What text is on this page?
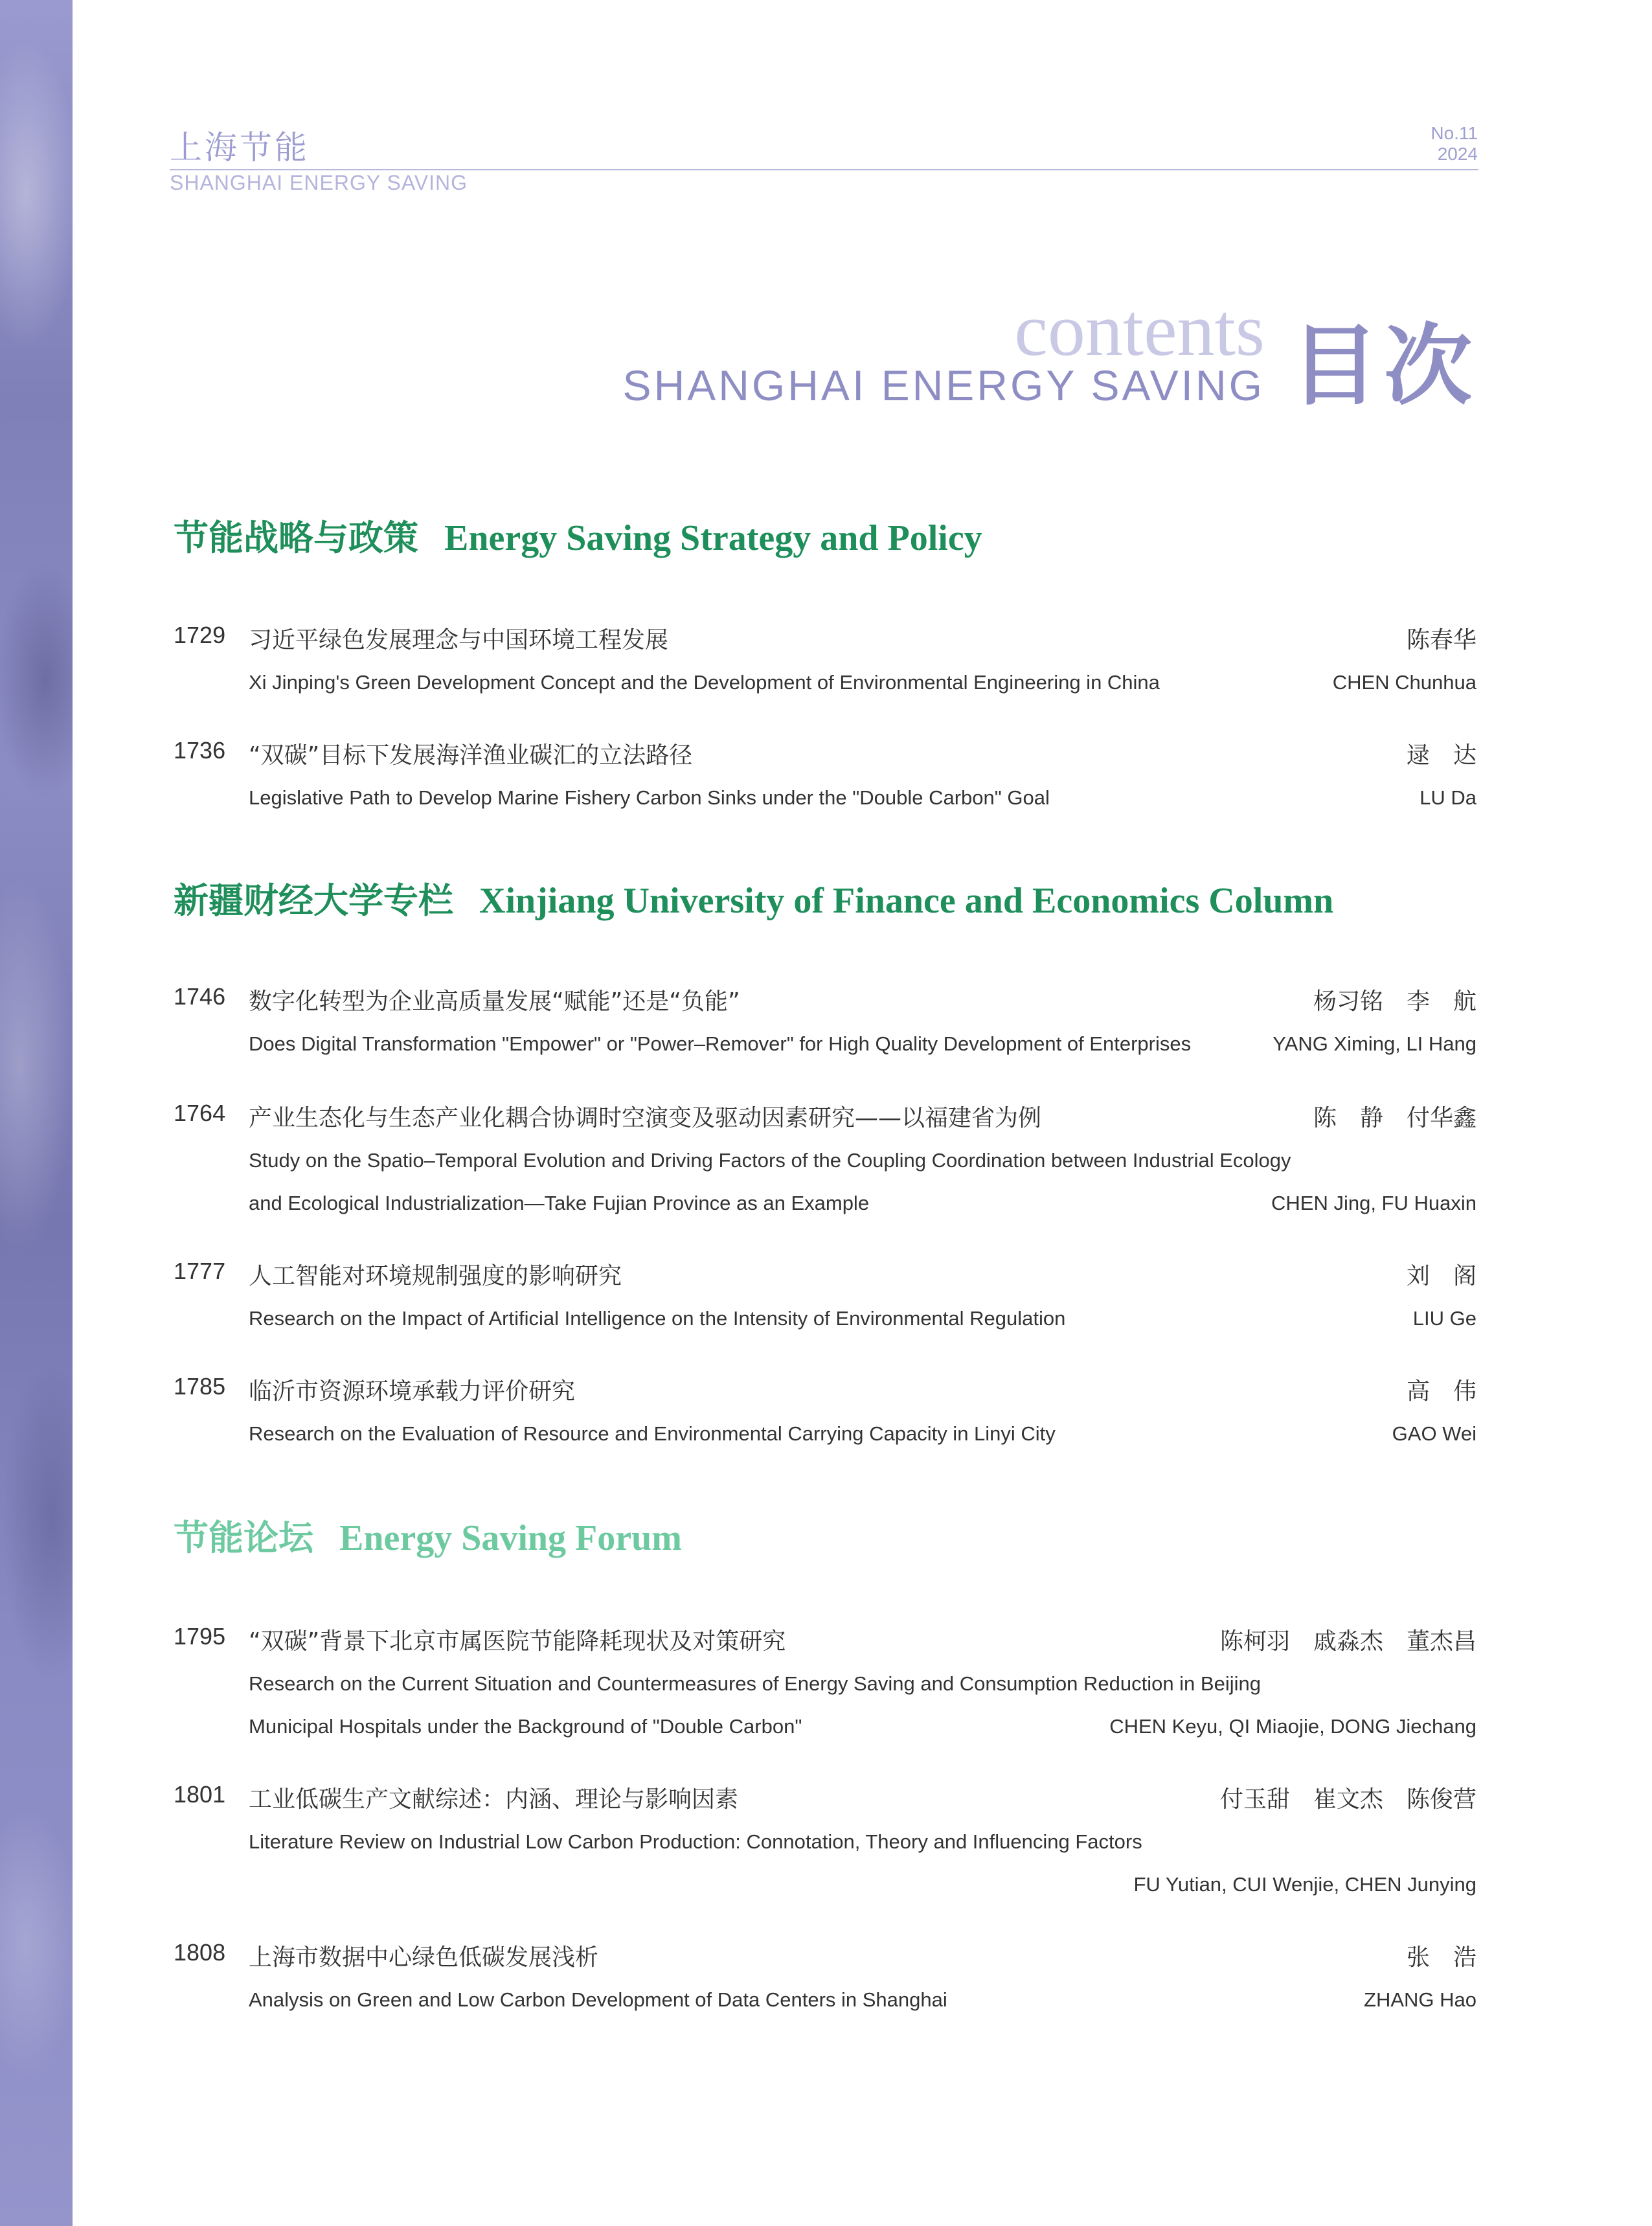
上海节能
SHANGHAI ENERGY SAVING
No.11
2024
contents
SHANGHAI ENERGY SAVING 目次
节能战略与政策 Energy Saving Strategy and Policy
1729 习近平绿色发展理念与中国环境工程发展	陈春华
Xi Jinping's Green Development Concept and the Development of Environmental Engineering in China	CHEN Chunhua
1736 “双碳”目标下发展海洋渔业碳汇的立法路径	逯　达
Legislative Path to Develop Marine Fishery Carbon Sinks under the "Double Carbon" Goal	LU Da
新疆财经大学专栏 Xinjiang University of Finance and Economics Column
1746 数字化转型为企业高质量发展“赋能”还是“负能”	杨习铭　李　航
Does Digital Transformation "Empower" or "Power–Remover" for High Quality Development of Enterprises	YANG Ximing, LI Hang
1764 产业生态化与生态产业化耦合协调时空演变及驱动因素研究——以福建省为例	陈　静　付华鑫
Study on the Spatio–Temporal Evolution and Driving Factors of the Coupling Coordination between Industrial Ecology
and Ecological Industrialization—Take Fujian Province as an Example	CHEN Jing, FU Huaxin
1777 人工智能对环境规制强度的影响研究	刘　阁
Research on the Impact of Artificial Intelligence on the Intensity of Environmental Regulation	LIU Ge
1785 临沂市资源环境承载力评价研究	高　伟
Research on the Evaluation of Resource and Environmental Carrying Capacity in Linyi City	GAO Wei
节能论坛 Energy Saving Forum
1795 “双碳”背景下北京市属医院节能降耗现状及对策研究	陈柯羽　戚淼杰　董杰昌
Research on the Current Situation and Countermeasures of Energy Saving and Consumption Reduction in Beijing
Municipal Hospitals under the Background of "Double Carbon"	CHEN Keyu, QI Miaojie, DONG Jiechang
1801 工业低碳生产文献综述：内涵、理论与影响因素	付玉甜　崔文杰　陈俊营
Literature Review on Industrial Low Carbon Production: Connotation, Theory and Influencing Factors
FU Yutian, CUI Wenjie, CHEN Junying
1808 上海市数据中心绿色低碳发展浅析	张　浩
Analysis on Green and Low Carbon Development of Data Centers in Shanghai	ZHANG Hao
